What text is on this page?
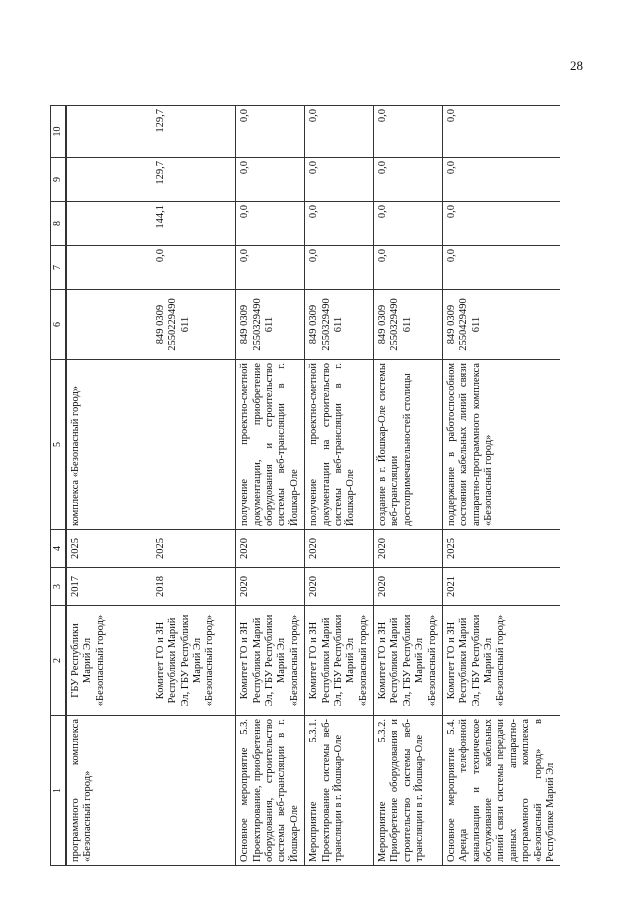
28
1	2	3	4	5	6	7	8	9	10
программного комплекса «Безопасный город»	ГБУ Республики Марий Эл «Безопасный город»	2017	2025	комплекса «Безопасный город»					
	Комитет ГО и ЗН Республики Марий Эл, ГБУ Республики Марий Эл «Безопасный город»	2018	2025		849 0309 2550229490 611	0,0	144,1	129,7	129,7
Основное мероприятие 5.3. Проектирование, приобретение оборудования, строительство системы веб-трансляции в г. Йошкар-Оле	Комитет ГО и ЗН Республики Марий Эл, ГБУ Республики Марий Эл «Безопасный город»	2020	2020	получение проектно-сметной документации, приобретение оборудования и строительство системы веб-трансляции в г. Йошкар-Оле	849 0309 2550329490 611	0,0	0,0	0,0	0,0
Мероприятие 5.3.1. Проектирование системы веб-трансляции в г. Йошкар-Оле	Комитет ГО и ЗН Республики Марий Эл, ГБУ Республики Марий Эл «Безопасный город»	2020	2020	получение проектно-сметной документации на строительство системы веб-трансляции в г. Йошкар-Оле	849 0309 2550329490 611	0,0	0,0	0,0	0,0
Мероприятие 5.3.2. Приобретение оборудования и строительство системы веб-трансляции в г. Йошкар-Оле	Комитет ГО и ЗН Республики Марий Эл, ГБУ Республики Марий Эл «Безопасный город»	2020	2020	создание в г. Йошкар-Оле системы веб-трансляции достопримечательностей столицы	849 0309 2550329490 611	0,0	0,0	0,0	0,0
Основное мероприятие 5.4. Аренда телефонной канализации и техническое обслуживание кабельных линий связи системы передачи данных аппаратно-программного комплекса «Безопасный город» в Республике Марий Эл	Комитет ГО и ЗН Республики Марий Эл, ГБУ Республики Марий Эл «Безопасный город»	2021	2025	поддержание в работоспособном состоянии кабельных линий связи аппаратно-программного комплекса «Безопасный город»	849 0309 2550429490 611	0,0	0,0	0,0	0,0
